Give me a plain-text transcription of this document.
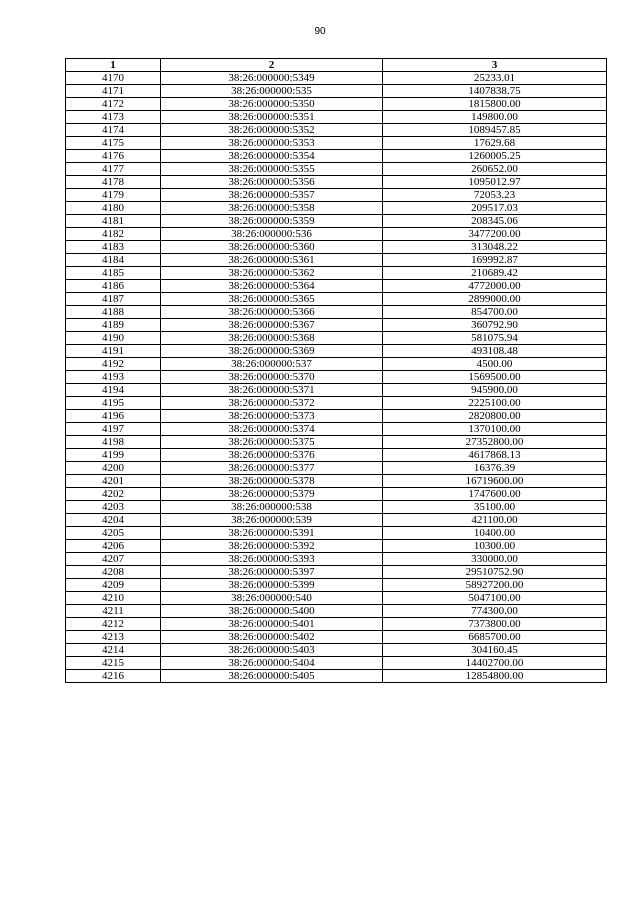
90
1	2	3
4170	38:26:000000:5349	25233.01
4171	38:26:000000:535	1407838.75
4172	38:26:000000:5350	1815800.00
4173	38:26:000000:5351	149800.00
4174	38:26:000000:5352	1089457.85
4175	38:26:000000:5353	17629.68
4176	38:26:000000:5354	1260005.25
4177	38:26:000000:5355	260652.00
4178	38:26:000000:5356	1095012.97
4179	38:26:000000:5357	72053.23
4180	38:26:000000:5358	209517.03
4181	38:26:000000:5359	208345.06
4182	38:26:000000:536	3477200.00
4183	38:26:000000:5360	313048.22
4184	38:26:000000:5361	169992.87
4185	38:26:000000:5362	210689.42
4186	38:26:000000:5364	4772000.00
4187	38:26:000000:5365	2899000.00
4188	38:26:000000:5366	854700.00
4189	38:26:000000:5367	360792.90
4190	38:26:000000:5368	581075.94
4191	38:26:000000:5369	493108.48
4192	38:26:000000:537	4500.00
4193	38:26:000000:5370	1569500.00
4194	38:26:000000:5371	945900.00
4195	38:26:000000:5372	2225100.00
4196	38:26:000000:5373	2820800.00
4197	38:26:000000:5374	1370100.00
4198	38:26:000000:5375	27352800.00
4199	38:26:000000:5376	4617868.13
4200	38:26:000000:5377	16376.39
4201	38:26:000000:5378	16719600.00
4202	38:26:000000:5379	1747600.00
4203	38:26:000000:538	35100.00
4204	38:26:000000:539	421100.00
4205	38:26:000000:5391	10400.00
4206	38:26:000000:5392	10300.00
4207	38:26:000000:5393	330000.00
4208	38:26:000000:5397	29510752.90
4209	38:26:000000:5399	58927200.00
4210	38:26:000000:540	5047100.00
4211	38:26:000000:5400	774300.00
4212	38:26:000000:5401	7373800.00
4213	38:26:000000:5402	6685700.00
4214	38:26:000000:5403	304160.45
4215	38:26:000000:5404	14402700.00
4216	38:26:000000:5405	12854800.00
